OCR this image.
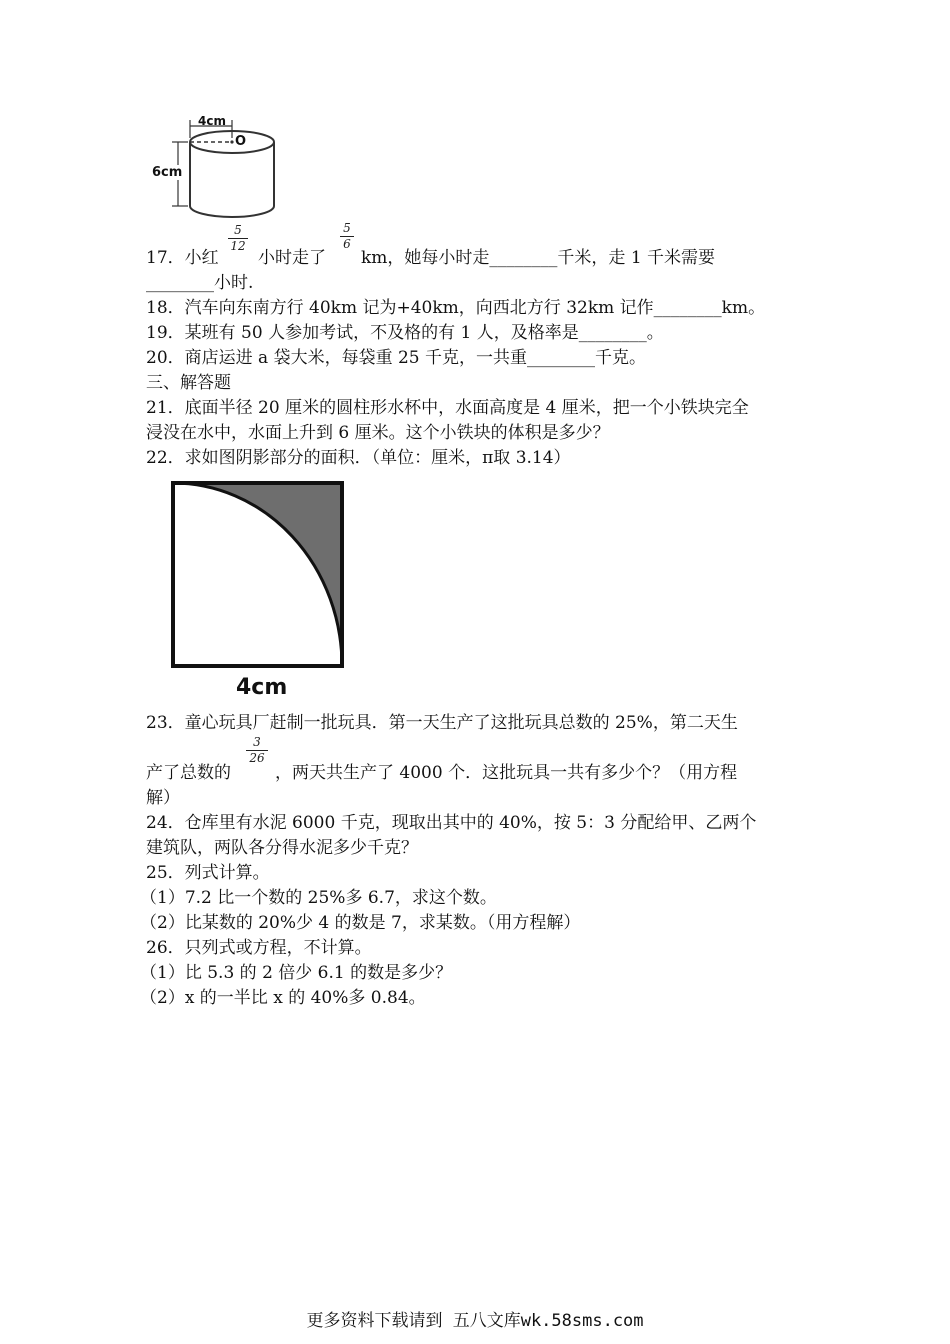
4cm
O
6cm
17．小红
5
12
小时走了
5
6
km，她每小时走________千米，走 1 千米需要
________小时.
18．汽车向东南方行 40km 记为+40km，向西北方行 32km 记作________km。
19．某班有 50 人参加考试，不及格的有 1 人，及格率是________。
20．商店运进 a 袋大米，每袋重 25 千克，一共重________千克。
三、解答题
21．底面半径 20 厘米的圆柱形水杯中，水面高度是 4 厘米，把一个小铁块完全
浸没在水中，水面上升到 6 厘米。这个小铁块的体积是多少？
22．求如图阴影部分的面积．（单位：厘米，π取 3.14）
4cm
23．童心玩具厂赶制一批玩具．第一天生产了这批玩具总数的 25%，第二天生
产了总数的
3
26
，两天共生产了 4000 个．这批玩具一共有多少个？（用方程
解）
24．仓库里有水泥 6000 千克，现取出其中的 40%，按 5：3 分配给甲、乙两个
建筑队，两队各分得水泥多少千克？
25．列式计算。
（1）7.2 比一个数的 25%多 6.7，求这个数。
（2）比某数的 20%少 4 的数是 7，求某数。（用方程解）
26．只列式或方程，不计算。
（1）比 5.3 的 2 倍少 6.1 的数是多少？
（2）x 的一半比 x 的 40%多 0.84。
更多资料下载请到 五八文库wk.58sms.com
